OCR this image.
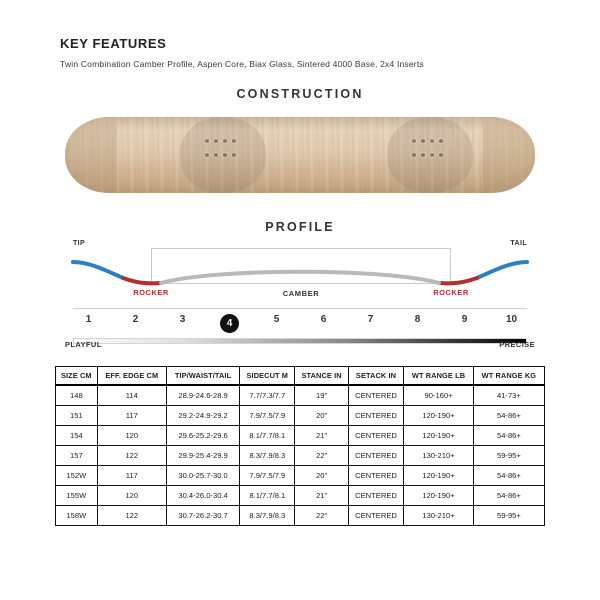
KEY FEATURES

Twin Combination Camber Profile, Aspen Core, Biax Glass, Sintered 4000 Base, 2x4 Inserts

CONSTRUCTION
PROFILE
TIP	TAIL
CAMBER
ROCKER	ROCKER
1	2	3	4	5	6	7	8	9	10
PLAYFUL	PRECISE
SIZE CM	EFF. EDGE CM	TIP/WAIST/TAIL	SIDECUT M	STANCE IN	SETACK IN	WT RANGE LB	WT RANGE KG
148	114	28.9-24.6-28.9	7.7/7.3/7.7	19"	CENTERED	90-160+	41-73+
151	117	29.2-24.9-29.2	7.9/7.5/7.9	20"	CENTERED	120-190+	54-86+
154	120	29.6-25.2-29.6	8.1/7.7/8.1	21"	CENTERED	120-190+	54-86+
157	122	29.9-25.4-29.9	8.3/7.9/8.3	22"	CENTERED	130-210+	59-95+
152W	117	30.0-25.7-30.0	7.9/7.5/7.9	20"	CENTERED	120-190+	54-86+
155W	120	30.4-26.0-30.4	8.1/7.7/8.1	21"	CENTERED	120-190+	54-86+
158W	122	30.7-26.2-30.7	8.3/7.9/8.3	22"	CENTERED	130-210+	59-95+
